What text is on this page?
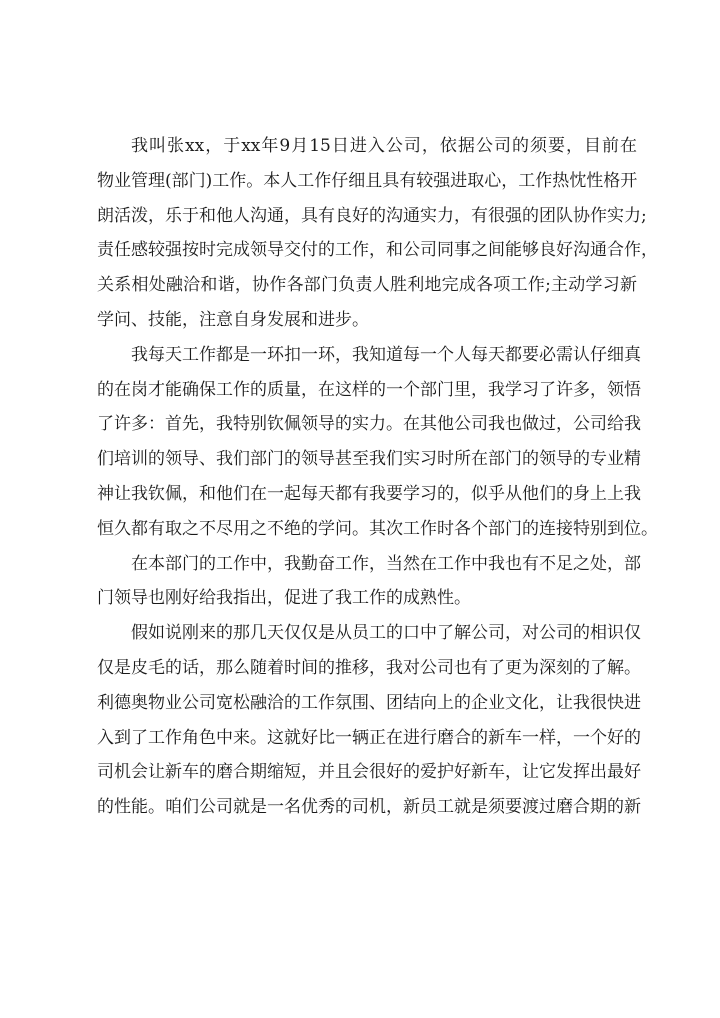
我叫张xx，于xx年9月15日进入公司，依据公司的须要，目前在
物业管理(部门)工作。本人工作仔细且具有较强进取心，工作热忱性格开
朗活泼，乐于和他人沟通，具有良好的沟通实力，有很强的团队协作实力;
责任感较强按时完成领导交付的工作，和公司同事之间能够良好沟通合作，
关系相处融洽和谐，协作各部门负责人胜利地完成各项工作;主动学习新
学问、技能，注意自身发展和进步。
我每天工作都是一环扣一环，我知道每一个人每天都要必需认仔细真
的在岗才能确保工作的质量，在这样的一个部门里，我学习了许多，领悟
了许多：首先，我特别钦佩领导的实力。在其他公司我也做过，公司给我
们培训的领导、我们部门的领导甚至我们实习时所在部门的领导的专业精
神让我钦佩，和他们在一起每天都有我要学习的，似乎从他们的身上上我
恒久都有取之不尽用之不绝的学问。其次工作时各个部门的连接特别到位。
在本部门的工作中，我勤奋工作，当然在工作中我也有不足之处，部
门领导也刚好给我指出，促进了我工作的成熟性。
假如说刚来的那几天仅仅是从员工的口中了解公司，对公司的相识仅
仅是皮毛的话，那么随着时间的推移，我对公司也有了更为深刻的了解。
利德奥物业公司宽松融洽的工作氛围、团结向上的企业文化，让我很快进
入到了工作角色中来。这就好比一辆正在进行磨合的新车一样，一个好的
司机会让新车的磨合期缩短，并且会很好的爱护好新车，让它发挥出最好
的性能。咱们公司就是一名优秀的司机，新员工就是须要渡过磨合期的新
